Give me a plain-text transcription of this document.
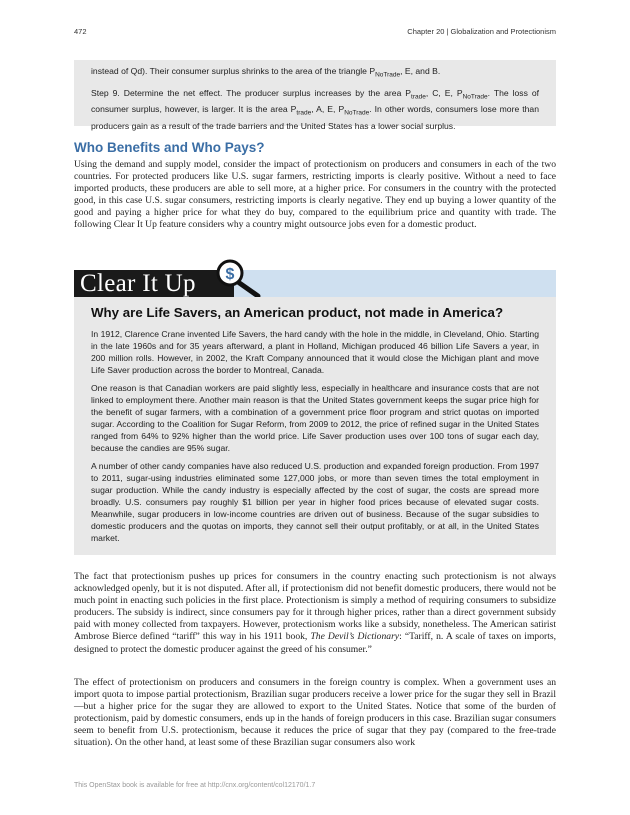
472	Chapter 20 | Globalization and Protectionism

instead of Qd). Their consumer surplus shrinks to the area of the triangle $P_{NoTrade}$, E, and B.

Step 9. Determine the net effect. The producer surplus increases by the area $P_{trade}$, C, E, $P_{NoTrade}$. The loss of consumer surplus, however, is larger. It is the area $P_{trade}$, A, E, $P_{NoTrade}$. In other words, consumers lose more than producers gain as a result of the trade barriers and the United States has a lower social surplus.

Who Benefits and Who Pays?

Using the demand and supply model, consider the impact of protectionism on producers and consumers in each of the two countries. For protected producers like U.S. sugar farmers, restricting imports is clearly positive. Without a need to face imported products, these producers are able to sell more, at a higher price. For consumers in the country with the protected good, in this case U.S. sugar consumers, restricting imports is clearly negative. They end up buying a lower quantity of the good and paying a higher price for what they do buy, compared to the equilibrium price and quantity with trade. The following Clear It Up feature considers why a country might outsource jobs even for a domestic product.

Clear It Up	$
Why are Life Savers, an American product, not made in America?

In 1912, Clarence Crane invented Life Savers, the hard candy with the hole in the middle, in Cleveland, Ohio. Starting in the late 1960s and for 35 years afterward, a plant in Holland, Michigan produced 46 billion Life Savers a year, in 200 million rolls. However, in 2002, the Kraft Company announced that it would close the Michigan plant and move Life Saver production across the border to Montreal, Canada.

One reason is that Canadian workers are paid slightly less, especially in healthcare and insurance costs that are not linked to employment there. Another main reason is that the United States government keeps the sugar price high for the benefit of sugar farmers, with a combination of a government price floor program and strict quotas on imported sugar. According to the Coalition for Sugar Reform, from 2009 to 2012, the price of refined sugar in the United States ranged from 64% to 92% higher than the world price. Life Saver production uses over 100 tons of sugar each day, because the candies are 95% sugar.

A number of other candy companies have also reduced U.S. production and expanded foreign production. From 1997 to 2011, sugar-using industries eliminated some 127,000 jobs, or more than seven times the total employment in sugar production. While the candy industry is especially affected by the cost of sugar, the costs are spread more broadly. U.S. consumers pay roughly $1 billion per year in higher food prices because of elevated sugar costs. Meanwhile, sugar producers in low-income countries are driven out of business. Because of the sugar subsidies to domestic producers and the quotas on imports, they cannot sell their output profitably, or at all, in the United States market.

The fact that protectionism pushes up prices for consumers in the country enacting such protectionism is not always acknowledged openly, but it is not disputed. After all, if protectionism did not benefit domestic producers, there would not be much point in enacting such policies in the first place. Protectionism is simply a method of requiring consumers to subsidize producers. The subsidy is indirect, since consumers pay for it through higher prices, rather than a direct government subsidy paid with money collected from taxpayers. However, protectionism works like a subsidy, nonetheless. The American satirist Ambrose Bierce defined “tariff” this way in his 1911 book, The Devil’s Dictionary: “Tariff, n. A scale of taxes on imports, designed to protect the domestic producer against the greed of his consumer.”

The effect of protectionism on producers and consumers in the foreign country is complex. When a government uses an import quota to impose partial protectionism, Brazilian sugar producers receive a lower price for the sugar they sell in Brazil—but a higher price for the sugar they are allowed to export to the United States. Notice that some of the burden of protectionism, paid by domestic consumers, ends up in the hands of foreign producers in this case. Brazilian sugar consumers seem to benefit from U.S. protectionism, because it reduces the price of sugar that they pay (compared to the free-trade situation). On the other hand, at least some of these Brazilian sugar consumers also work

This OpenStax book is available for free at http://cnx.org/content/col12170/1.7
